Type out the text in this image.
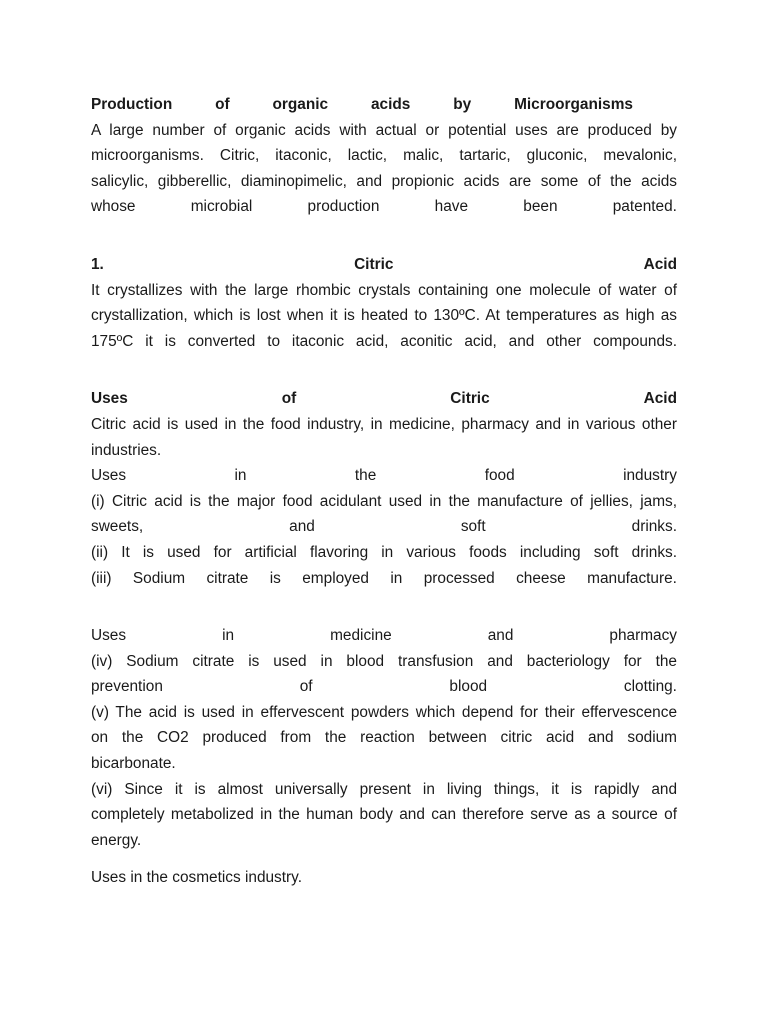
Production	of	organic	acids	by	Microorganisms

A large number of organic acids with actual or potential uses are produced by

microorganisms. Citric, itaconic, lactic, malic, tartaric, gluconic, mevalonic,

salicylic, gibberellic, diaminopimelic, and propionic acids are some of the acids

whose	microbial	production	have	been	patented.
1.	Citric	Acid

It crystallizes with the large rhombic crystals containing one molecule of water of

crystallization, which is lost when it is heated to 130ºC. At temperatures as high as

175ºC it is converted to itaconic acid, aconitic acid, and other compounds.

Uses	of	Citric	Acid

Citric acid is used in the food industry, in medicine, pharmacy and in various other

industries.
Uses	in	the	food	industry

(i) Citric acid is the major food acidulant used in the manufacture of jellies, jams,

sweets,	and	soft	drinks.

(ii) It is used for artificial flavoring in various foods including soft drinks.

(iii) Sodium citrate is employed in processed cheese manufacture.
Uses	in	medicine	and	pharmacy

(iv) Sodium citrate is used in blood transfusion and bacteriology for the

prevention	of	blood	clotting.

(v) The acid is used in effervescent powders which depend for their effervescence

on the CO2 produced from the reaction between citric acid and sodium

bicarbonate.

(vi) Since it is almost universally present in living things, it is rapidly and

completely metabolized in the human body and can therefore serve as a source of

energy.
Uses in the cosmetics industry.
